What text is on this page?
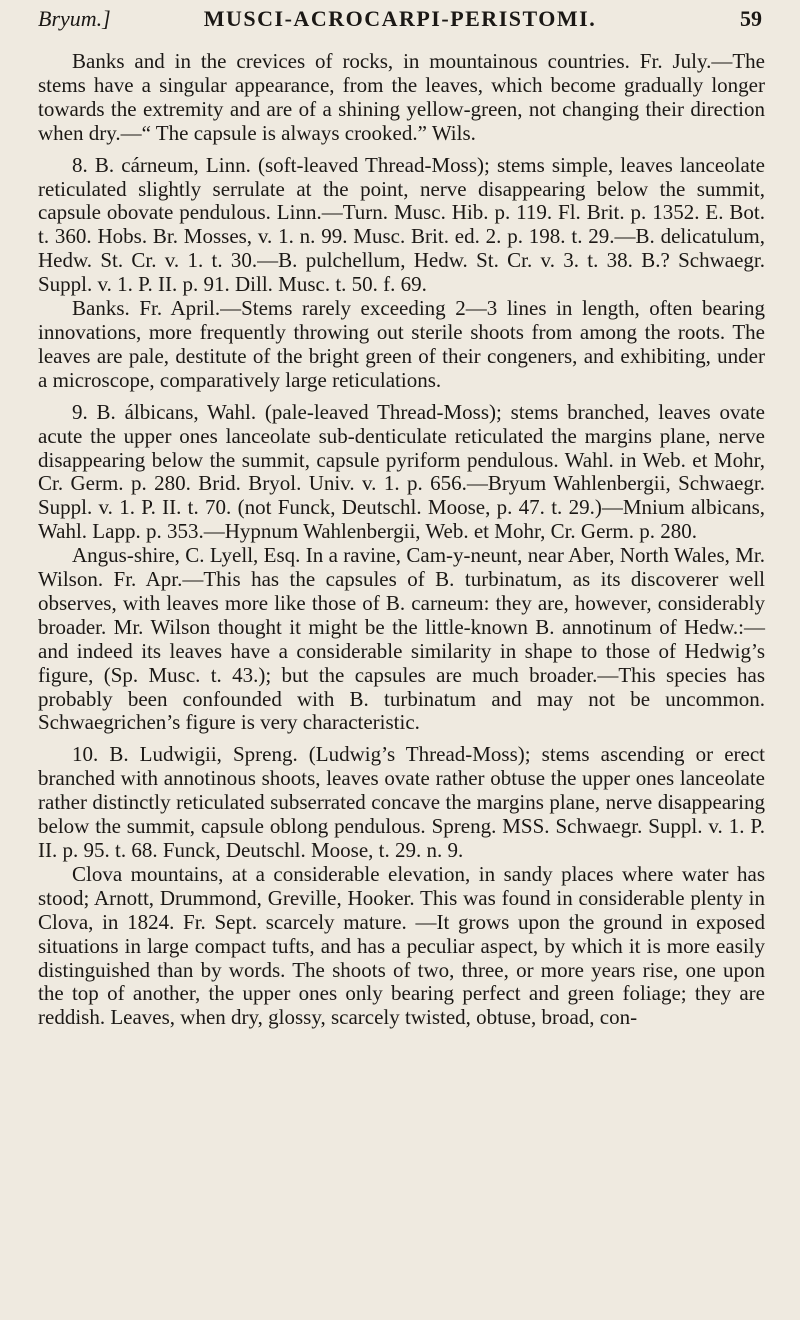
Bryum.]	MUSCI-ACROCARPI-PERISTOMI.	59

Banks and in the crevices of rocks, in mountainous countries. Fr. July.—The stems have a singular appearance, from the leaves, which become gradually longer towards the extremity and are of a shining yellow-green, not changing their direction when dry.—“ The capsule is always crooked.” Wils.

8. B. cárneum, Linn. (soft-leaved Thread-Moss); stems simple, leaves lanceolate reticulated slightly serrulate at the point, nerve disappearing below the summit, capsule obovate pendulous. Linn.—Turn. Musc. Hib. p. 119. Fl. Brit. p. 1352. E. Bot. t. 360. Hobs. Br. Mosses, v. 1. n. 99. Musc. Brit. ed. 2. p. 198. t. 29.—B. delicatulum, Hedw. St. Cr. v. 1. t. 30.—B. pulchellum, Hedw. St. Cr. v. 3. t. 38. B.? Schwaegr. Suppl. v. 1. P. II. p. 91. Dill. Musc. t. 50. f. 69.

Banks. Fr. April.—Stems rarely exceeding 2—3 lines in length, often bearing innovations, more frequently throwing out sterile shoots from among the roots. The leaves are pale, destitute of the bright green of their congeners, and exhibiting, under a microscope, comparatively large reticulations.

9. B. álbicans, Wahl. (pale-leaved Thread-Moss); stems branched, leaves ovate acute the upper ones lanceolate sub-denticulate reticulated the margins plane, nerve disappearing below the summit, capsule pyriform pendulous. Wahl. in Web. et Mohr, Cr. Germ. p. 280. Brid. Bryol. Univ. v. 1. p. 656.—Bryum Wahlenbergii, Schwaegr. Suppl. v. 1. P. II. t. 70. (not Funck, Deutschl. Moose, p. 47. t. 29.)—Mnium albicans, Wahl. Lapp. p. 353.—Hypnum Wahlenbergii, Web. et Mohr, Cr. Germ. p. 280.

Angus-shire, C. Lyell, Esq. In a ravine, Cam-y-neunt, near Aber, North Wales, Mr. Wilson. Fr. Apr.—This has the capsules of B. turbinatum, as its discoverer well observes, with leaves more like those of B. carneum: they are, however, considerably broader. Mr. Wilson thought it might be the little-known B. annotinum of Hedw.:—and indeed its leaves have a considerable similarity in shape to those of Hedwig’s figure, (Sp. Musc. t. 43.); but the capsules are much broader.—This species has probably been confounded with B. turbinatum and may not be uncommon. Schwaegrichen’s figure is very characteristic.

10. B. Ludwigii, Spreng. (Ludwig’s Thread-Moss); stems ascending or erect branched with annotinous shoots, leaves ovate rather obtuse the upper ones lanceolate rather distinctly reticulated subserrated concave the margins plane, nerve disappearing below the summit, capsule oblong pendulous. Spreng. MSS. Schwaegr. Suppl. v. 1. P. II. p. 95. t. 68. Funck, Deutschl. Moose, t. 29. n. 9.

Clova mountains, at a considerable elevation, in sandy places where water has stood; Arnott, Drummond, Greville, Hooker. This was found in considerable plenty in Clova, in 1824. Fr. Sept. scarcely mature. —It grows upon the ground in exposed situations in large compact tufts, and has a peculiar aspect, by which it is more easily distinguished than by words. The shoots of two, three, or more years rise, one upon the top of another, the upper ones only bearing perfect and green foliage; they are reddish. Leaves, when dry, glossy, scarcely twisted, obtuse, broad, con-
